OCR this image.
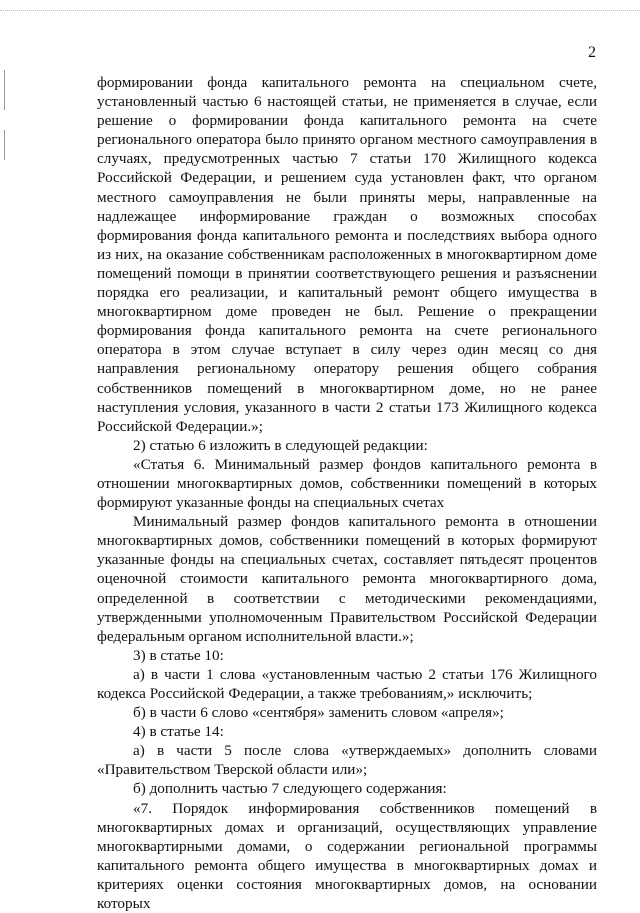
2

формировании фонда капитального ремонта на специальном счете, установленный частью 6 настоящей статьи, не применяется в случае, если решение о формировании фонда капитального ремонта на счете регионального оператора было принято органом местного самоуправления в случаях, предусмотренных частью 7 статьи 170 Жилищного кодекса Российской Федерации, и решением суда установлен факт, что органом местного самоуправления не были приняты меры, направленные на надлежащее информирование граждан о возможных способах формирования фонда капитального ремонта и последствиях выбора одного из них, на оказание собственникам расположенных в многоквартирном доме помещений помощи в принятии соответствующего решения и разъяснении порядка его реализации, и капитальный ремонт общего имущества в многоквартирном доме проведен не был. Решение о прекращении формирования фонда капитального ремонта на счете регионального оператора в этом случае вступает в силу через один месяц со дня направления региональному оператору решения общего собрания собственников помещений в многоквартирном доме, но не ранее наступления условия, указанного в части 2 статьи 173 Жилищного кодекса Российской Федерации.»;

2) статью 6 изложить в следующей редакции:

«Статья 6. Минимальный размер фондов капитального ремонта в отношении многоквартирных домов, собственники помещений в которых формируют указанные фонды на специальных счетах

Минимальный размер фондов капитального ремонта в отношении многоквартирных домов, собственники помещений в которых формируют указанные фонды на специальных счетах, составляет пятьдесят процентов оценочной стоимости капитального ремонта многоквартирного дома, определенной в соответствии с методическими рекомендациями, утвержденными уполномоченным Правительством Российской Федерации федеральным органом исполнительной власти.»;

3) в статье 10:

а) в части 1 слова «установленным частью 2 статьи 176 Жилищного кодекса Российской Федерации, а также требованиям,» исключить;

б) в части 6 слово «сентября» заменить словом «апреля»;

4) в статье 14:

а) в части 5 после слова «утверждаемых» дополнить словами «Правительством Тверской области или»;

б) дополнить частью 7 следующего содержания:

«7. Порядок информирования собственников помещений в многоквартирных домах и организаций, осуществляющих управление многоквартирными домами, о содержании региональной программы капитального ремонта общего имущества в многоквартирных домах и критериях оценки состояния многоквартирных домов, на основании которых
